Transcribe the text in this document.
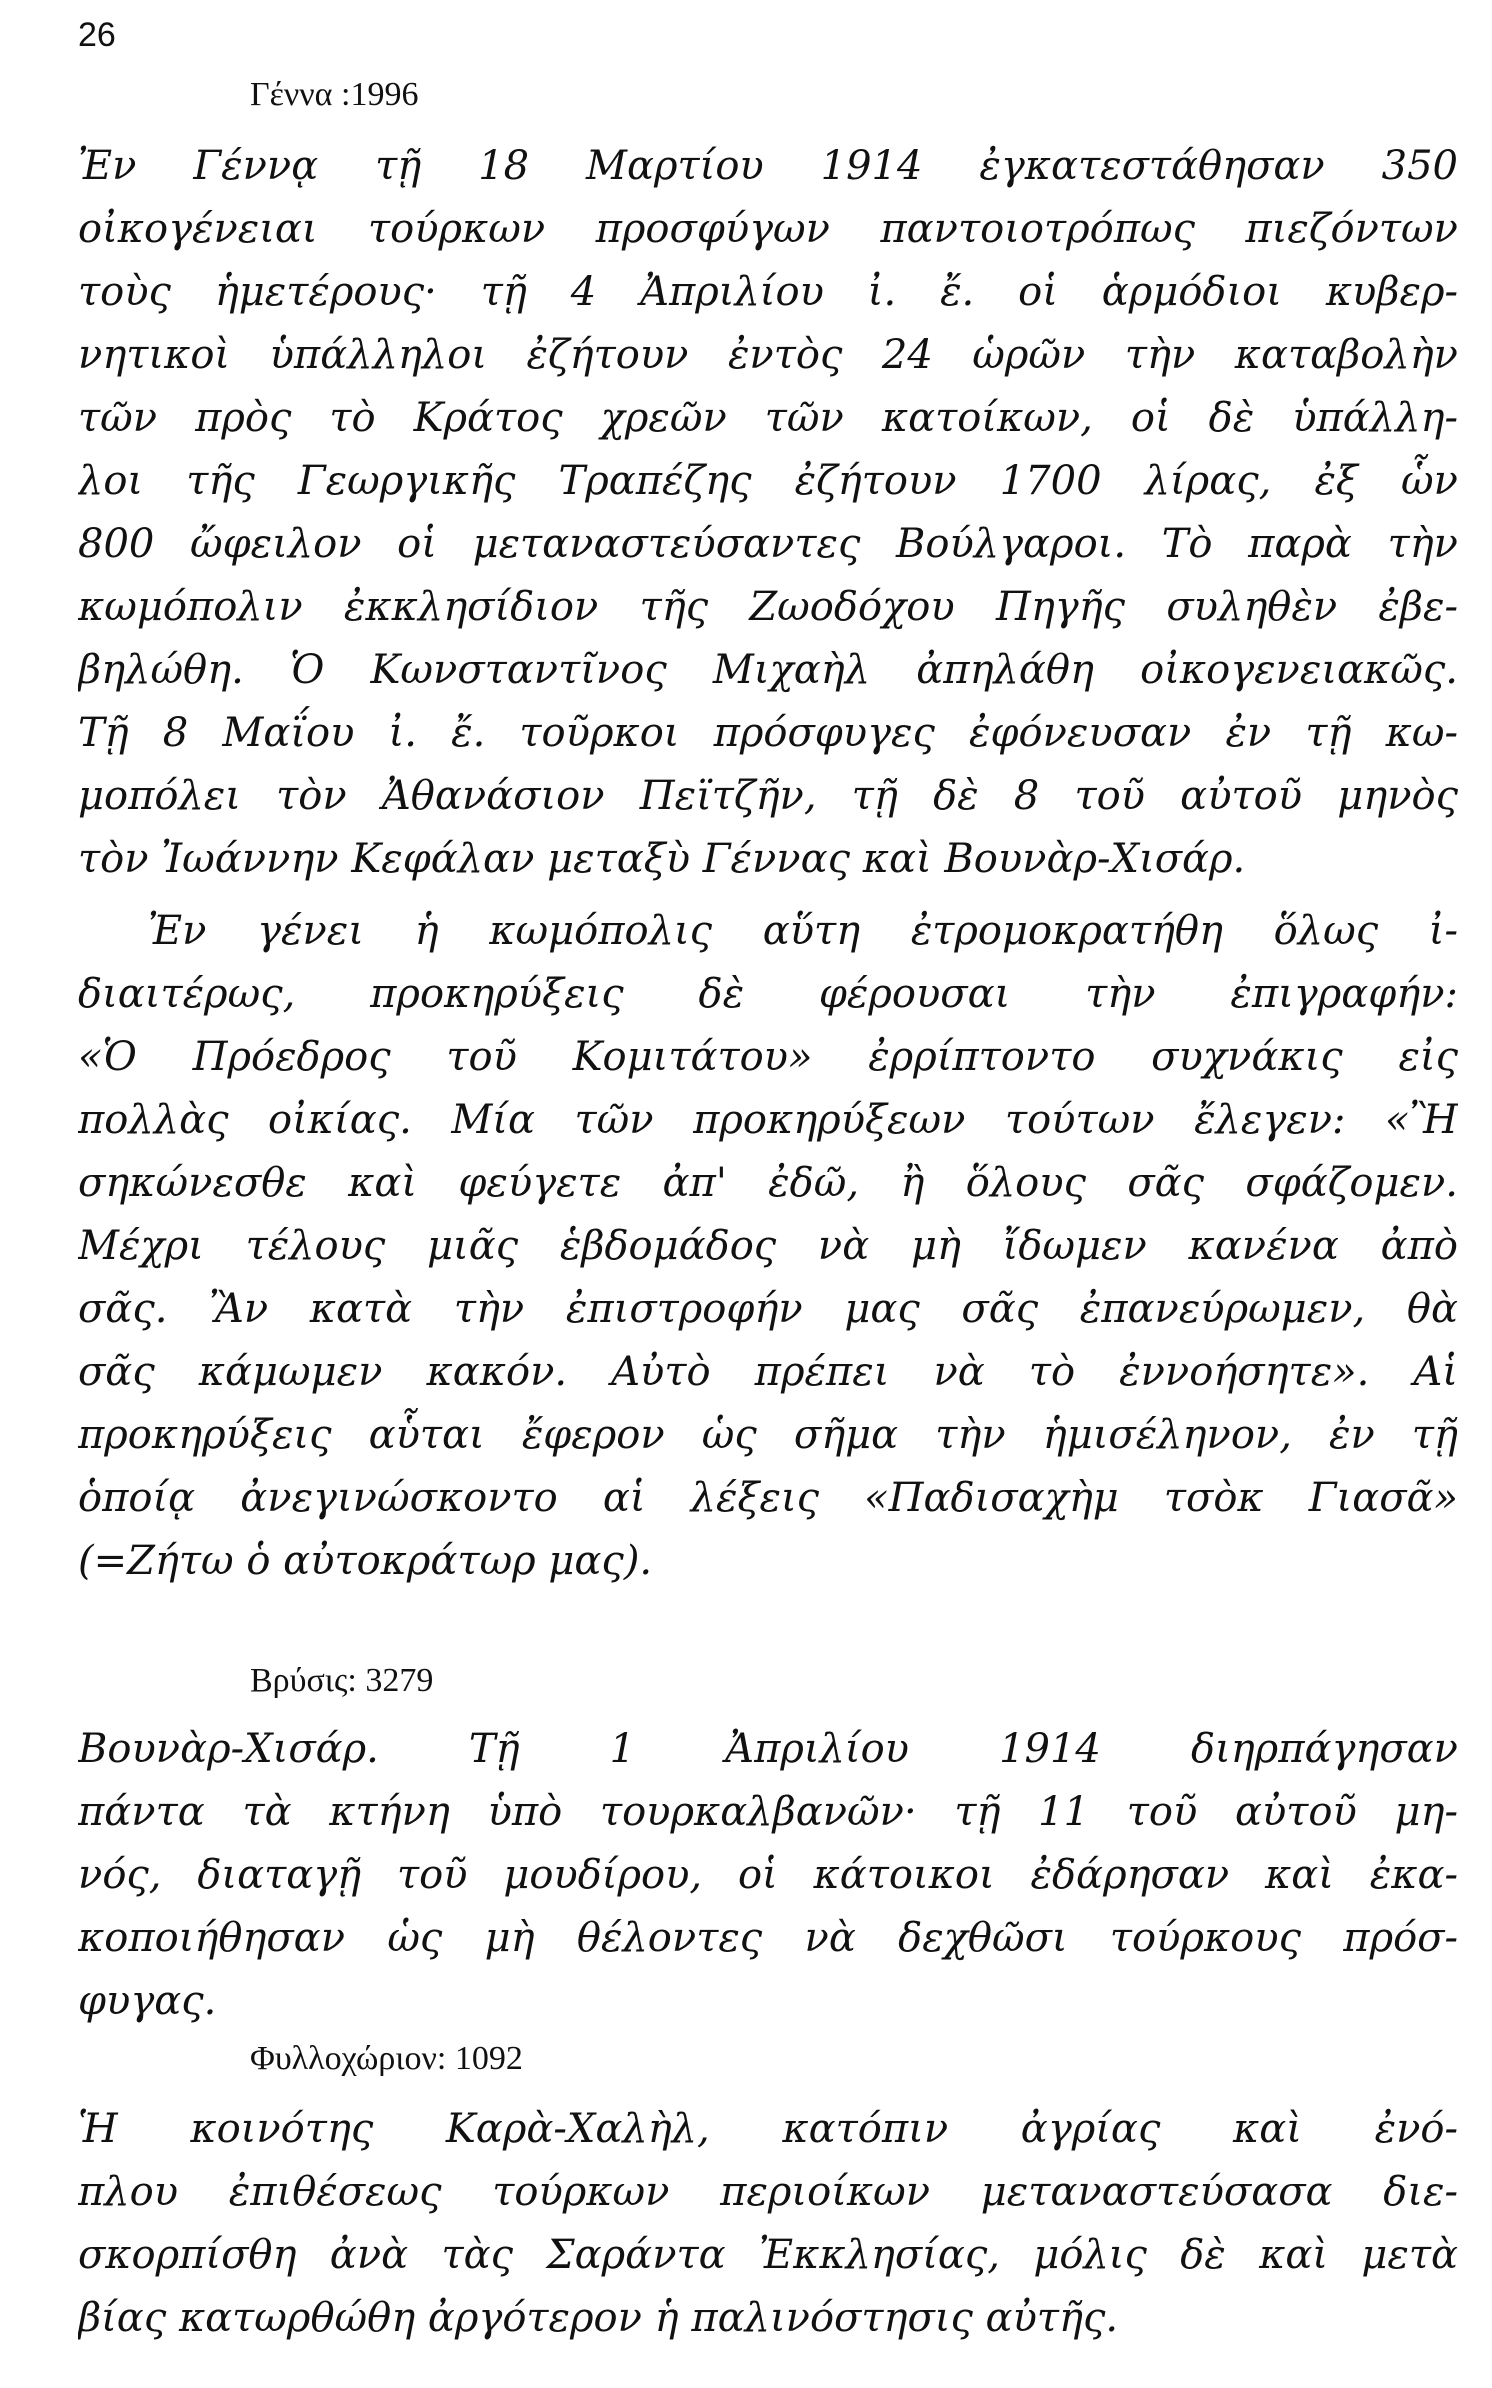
26
Γέννα :1996
Ἐν Γέννᾳ τῇ 18 Μαρτίου 1914 ἐγκατεστάθησαν 350
οἰκογένειαι τούρκων προσφύγων παντοιοτρόπως πιεζόντων
τοὺς ἡμετέρους· τῇ 4 Ἀπριλίου ἰ. ἔ. οἱ ἁρμόδιοι κυβερ-
νητικοὶ ὑπάλληλοι ἐζήτουν ἐντὸς 24 ὡρῶν τὴν καταβολὴν
τῶν πρὸς τὸ Κράτος χρεῶν τῶν κατοίκων, οἱ δὲ ὑπάλλη-
λοι τῆς Γεωργικῆς Τραπέζης ἐζήτουν 1700 λίρας, ἐξ ὧν
800 ὤφειλον οἱ μεταναστεύσαντες Βούλγαροι. Τὸ παρὰ τὴν
κωμόπολιν ἐκκλησίδιον τῆς Ζωοδόχου Πηγῆς συληθὲν ἐβε-
βηλώθη. Ὁ Κωνσταντῖνος Μιχαὴλ ἀπηλάθη οἰκογενειακῶς.
Τῇ 8 Μαΐου ἰ. ἔ. τοῦρκοι πρόσφυγες ἐφόνευσαν ἐν τῇ κω-
μοπόλει τὸν Ἀθανάσιον Πεϊτζῆν, τῇ δὲ 8 τοῦ αὐτοῦ μηνὸς
τὸν Ἰωάννην Κεφάλαν μεταξὺ Γέννας καὶ Βουνὰρ-Χισάρ.
Ἐν γένει ἡ κωμόπολις αὕτη ἐτρομοκρατήθη ὅλως ἰ-
διαιτέρως, προκηρύξεις δὲ φέρουσαι τὴν ἐπιγραφήν:
«Ὁ Πρόεδρος τοῦ Κομιτάτου» ἐρρίπτοντο συχνάκις εἰς
πολλὰς οἰκίας. Μία τῶν προκηρύξεων τούτων ἔλεγεν: «Ἢ
σηκώνεσθε καὶ φεύγετε ἀπ' ἐδῶ, ἢ ὅλους σᾶς σφάζομεν.
Μέχρι τέλους μιᾶς ἑβδομάδος νὰ μὴ ἴδωμεν κανένα ἀπὸ
σᾶς. Ἂν κατὰ τὴν ἐπιστροφήν μας σᾶς ἐπανεύρωμεν, θὰ
σᾶς κάμωμεν κακόν. Αὐτὸ πρέπει νὰ τὸ ἐννοήσητε». Αἱ
προκηρύξεις αὗται ἔφερον ὡς σῆμα τὴν ἡμισέληνον, ἐν τῇ
ὁποίᾳ ἀνεγινώσκοντο αἱ λέξεις «Παδισαχὴμ τσὸκ Γιασᾶ»
(=Ζήτω ὁ αὐτοκράτωρ μας).
Βρύσις: 3279
Βουνὰρ-Χισάρ. Τῇ 1 Ἀπριλίου 1914 διηρπάγησαν
πάντα τὰ κτήνη ὑπὸ τουρκαλβανῶν· τῇ 11 τοῦ αὐτοῦ μη-
νός, διαταγῇ τοῦ μουδίρου, οἱ κάτοικοι ἐδάρησαν καὶ ἐκα-
κοποιήθησαν ὡς μὴ θέλοντες νὰ δεχθῶσι τούρκους πρόσ-
φυγας.
Φυλλοχώριον: 1092
Ἡ κοινότης Καρὰ-Χαλὴλ, κατόπιν ἀγρίας καὶ ἐνό-
πλου ἐπιθέσεως τούρκων περιοίκων μεταναστεύσασα διε-
σκορπίσθη ἀνὰ τὰς Σαράντα Ἐκκλησίας, μόλις δὲ καὶ μετὰ
βίας κατωρθώθη ἀργότερον ἡ παλινόστησις αὐτῆς.
